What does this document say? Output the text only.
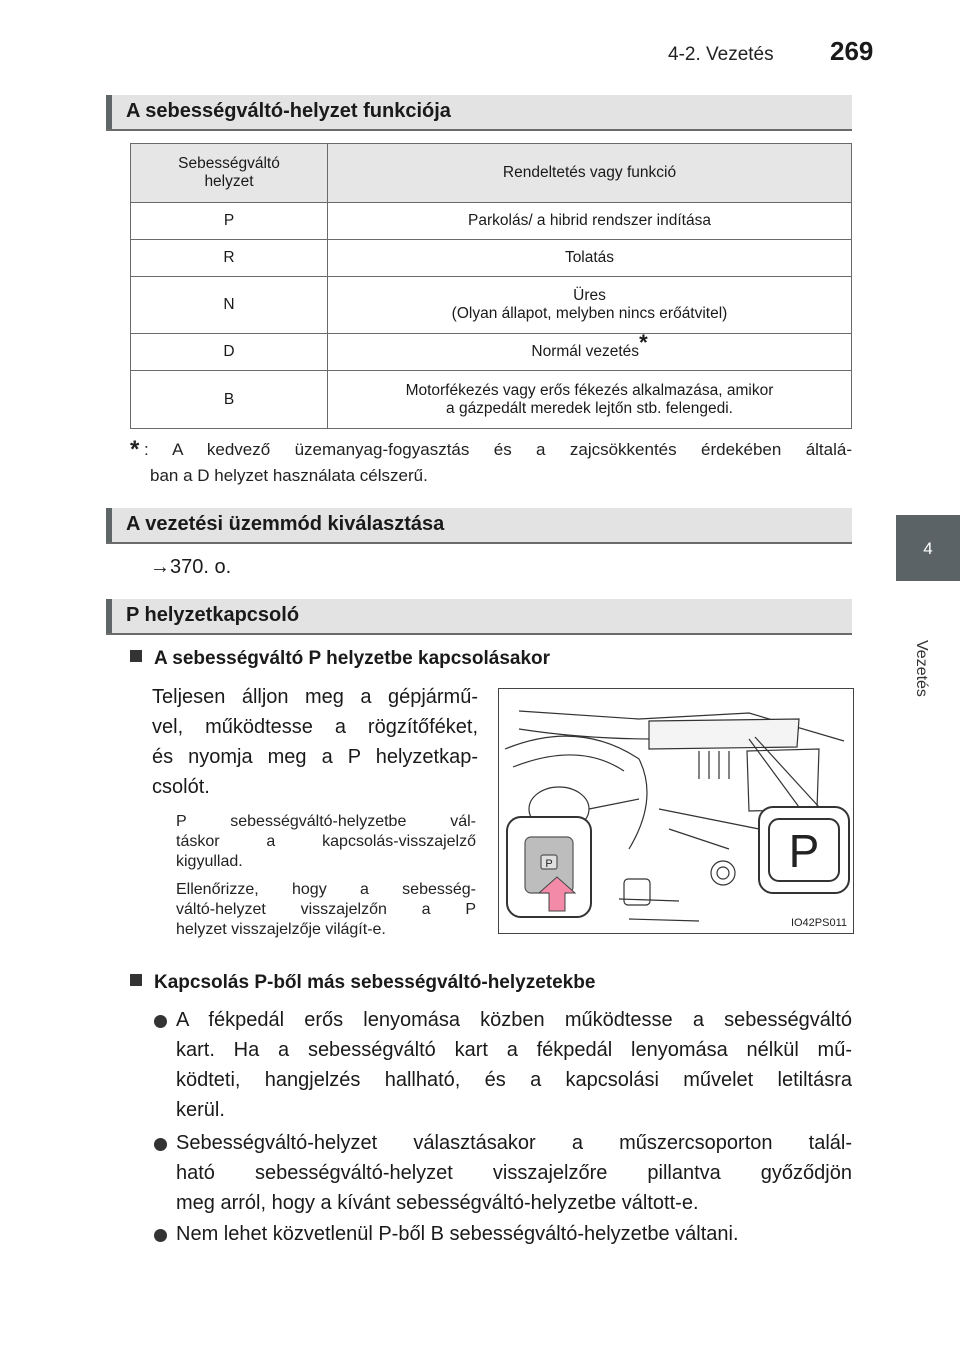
4-2. Vezetés 269
4
Vezetés
A sebességváltó-helyzet funkciója
Sebességváltó helyzet	Rendeltetés vagy funkció
P	Parkolás/ a hibrid rendszer indítása
R	Tolatás
N	Üres
(Olyan állapot, melyben nincs erőátvitel)

D	Normál vezetés*
B	Motorfékezés vagy erős fékezés alkalmazása, amikor
a gázpedált meredek lejtőn stb. felengedi.
* : A kedvező üzemanyag-fogyasztás és a zajcsökkentés érdekében általá-
ban a D helyzet használata célszerű.
A vezetési üzemmód kiválasztása
→370. o.
P helyzetkapcsoló
A sebességváltó P helyzetbe kapcsolásakor
Teljesen álljon meg a gépjármű-
vel, működtesse a rögzítőféket,
és nyomja meg a P helyzetkap-
csolót.
P sebességváltó-helyzetbe vál-
táskor a kapcsolás-visszajelző
kigyullad.
Ellenőrizze, hogy a sebesség-
váltó-helyzet visszajelzőn a P
helyzet visszajelzője világít-e.
P
P
IO42PS011
Kapcsolás P-ből más sebességváltó-helyzetekbe
A fékpedál erős lenyomása közben működtesse a sebességváltó
kart. Ha a sebességváltó kart a fékpedál lenyomása nélkül mű-
ködteti, hangjelzés hallható, és a kapcsolási művelet letiltásra
kerül.
Sebességváltó-helyzet választásakor a műszercsoporton talál-
ható sebességváltó-helyzet visszajelzőre pillantva győződjön
meg arról, hogy a kívánt sebességváltó-helyzetbe váltott-e.
Nem lehet közvetlenül P-ből B sebességváltó-helyzetbe váltani.
